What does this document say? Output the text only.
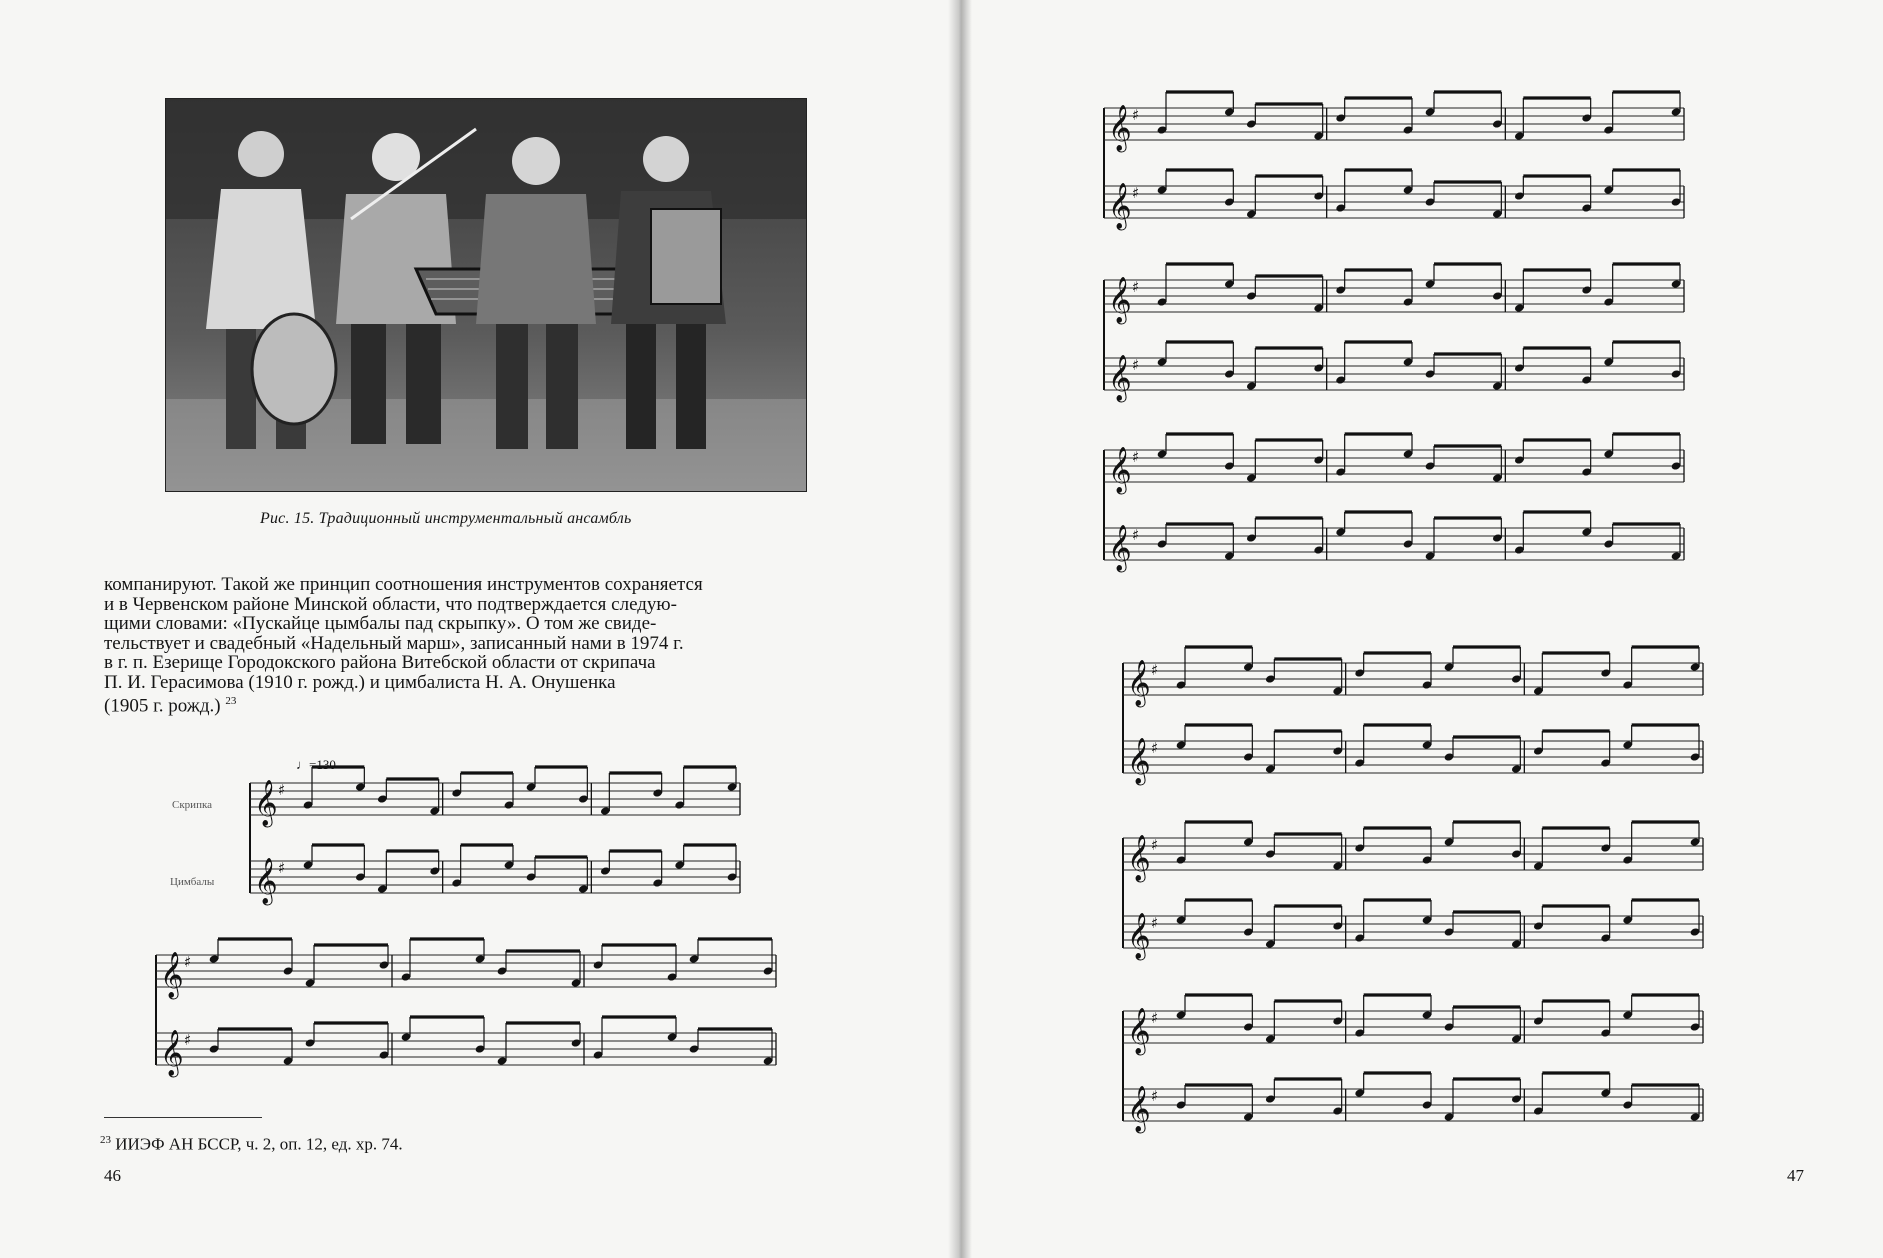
Рис. 15. Традиционный инструментальный ансамбль

компанируют. Такой же принцип соотношения инструментов сохраняется

и в Червенском районе Минской области, что подтверждается следую-

щими словами: «Пускайце цымбалы пад скрыпку». О том же свиде-

тельствует и свадебный «Надельный марш», записанный нами в 1974 г.

в г. п. Езерище Городокского района Витебской области от скрипача

П. И. Герасимова (1910 г. рожд.) и цимбалиста Н. А. Онушенка

(1905 г. рожд.) $^{23}$

♩=130
Скрипка
Цимбалы
𝄞 ♯
𝄞 ♯
𝄞 ♯
𝄞 ♯
$^{23}$ ИИЭФ АН БССР, ч. 2, оп. 12, ед. хр. 74.
46
𝄞 ♯
𝄞 ♯
𝄞 ♯
𝄞 ♯
𝄞 ♯
𝄞 ♯
𝄞 ♯
𝄞 ♯
𝄞 ♯
𝄞 ♯
𝄞 ♯
𝄞 ♯
47
